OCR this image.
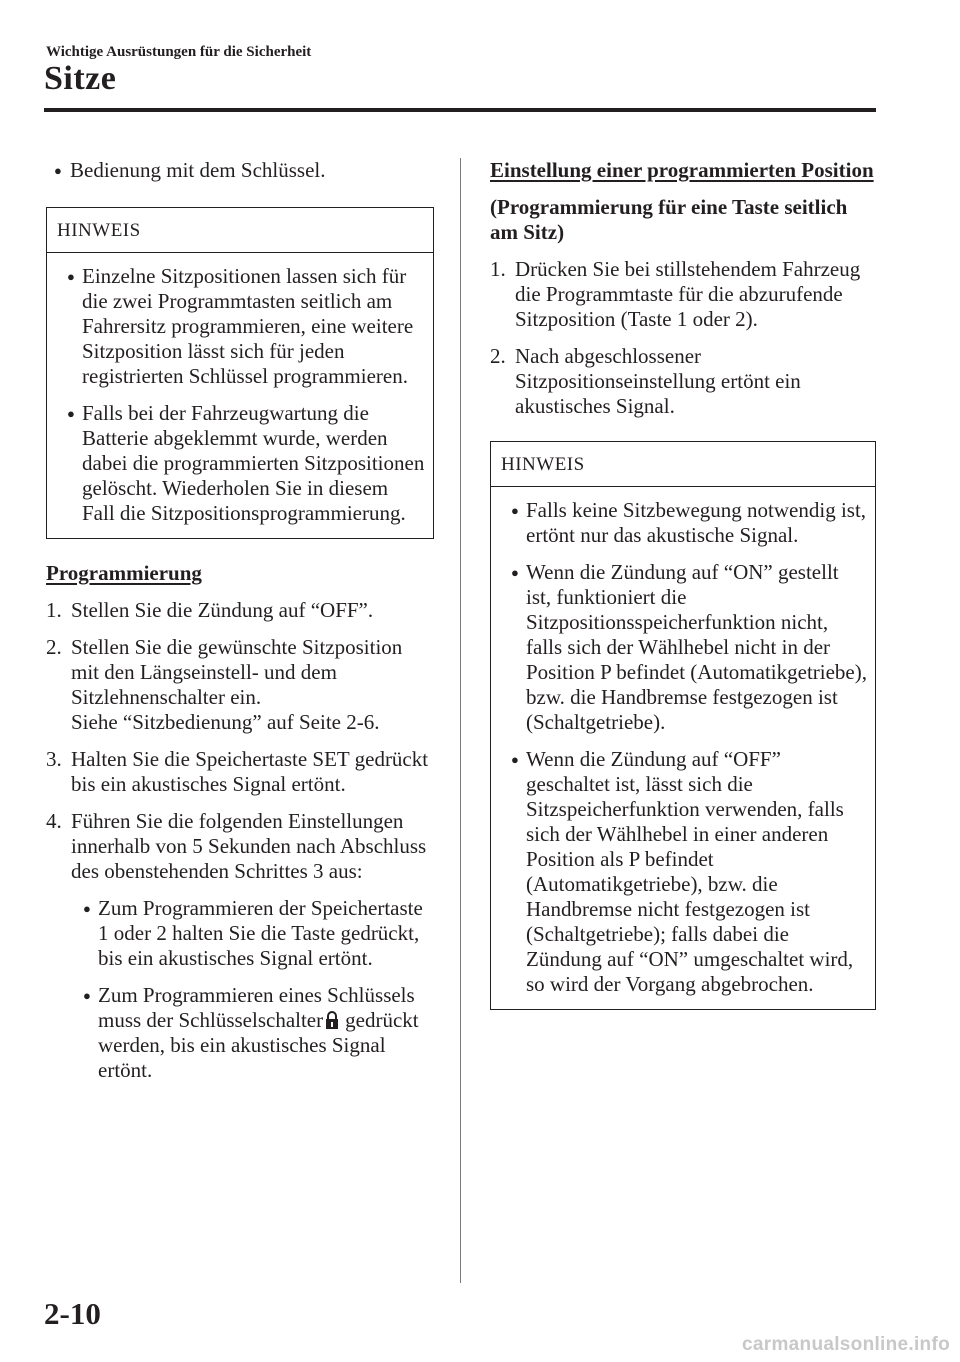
Wichtige Ausrüstungen für die Sicherheit
Sitze
● Bedienung mit dem Schlüssel.
HINWEIS
● Einzelne Sitzpositionen lassen sich für die zwei Programmtasten seitlich am Fahrersitz programmieren, eine weitere Sitzposition lässt sich für jeden registrierten Schlüssel programmieren.
● Falls bei der Fahrzeugwartung die Batterie abgeklemmt wurde, werden dabei die programmierten Sitzpositionen gelöscht. Wiederholen Sie in diesem Fall die Sitzpositionsprogrammierung.

Programmierung

1. Stellen Sie die Zündung auf “OFF”.
2. Stellen Sie die gewünschte Sitzposition mit den Längseinstell- und dem Sitzlehnenschalter ein.
Siehe “Sitzbedienung” auf Seite 2-6.
3. Halten Sie die Speichertaste SET gedrückt bis ein akustisches Signal ertönt.
4. Führen Sie die folgenden Einstellungen innerhalb von 5 Sekunden nach Abschluss des obenstehenden Schrittes 3 aus:
● Zum Programmieren der Speichertaste 1 oder 2 halten Sie die Taste gedrückt, bis ein akustisches Signal ertönt.
● Zum Programmieren eines Schlüssels muss der Schlüsselschalter gedrückt werden, bis ein akustisches Signal ertönt.

Einstellung einer programmierten Position

(Programmierung für eine Taste seitlich am Sitz)

1. Drücken Sie bei stillstehendem Fahrzeug die Programmtaste für die abzurufende Sitzposition (Taste 1 oder 2).
2. Nach abgeschlossener Sitzpositionseinstellung ertönt ein akustisches Signal.
HINWEIS
● Falls keine Sitzbewegung notwendig ist, ertönt nur das akustische Signal.
● Wenn die Zündung auf “ON” gestellt ist, funktioniert die Sitzpositionsspeicherfunktion nicht, falls sich der Wählhebel nicht in der Position P befindet (Automatikgetriebe), bzw. die Handbremse festgezogen ist (Schaltgetriebe).
● Wenn die Zündung auf “OFF” geschaltet ist, lässt sich die Sitzspeicherfunktion verwenden, falls sich der Wählhebel in einer anderen Position als P befindet (Automatikgetriebe), bzw. die Handbremse nicht festgezogen ist (Schaltgetriebe); falls dabei die Zündung auf “ON” umgeschaltet wird, so wird der Vorgang abgebrochen.
2-10
carmanualsonline.info
